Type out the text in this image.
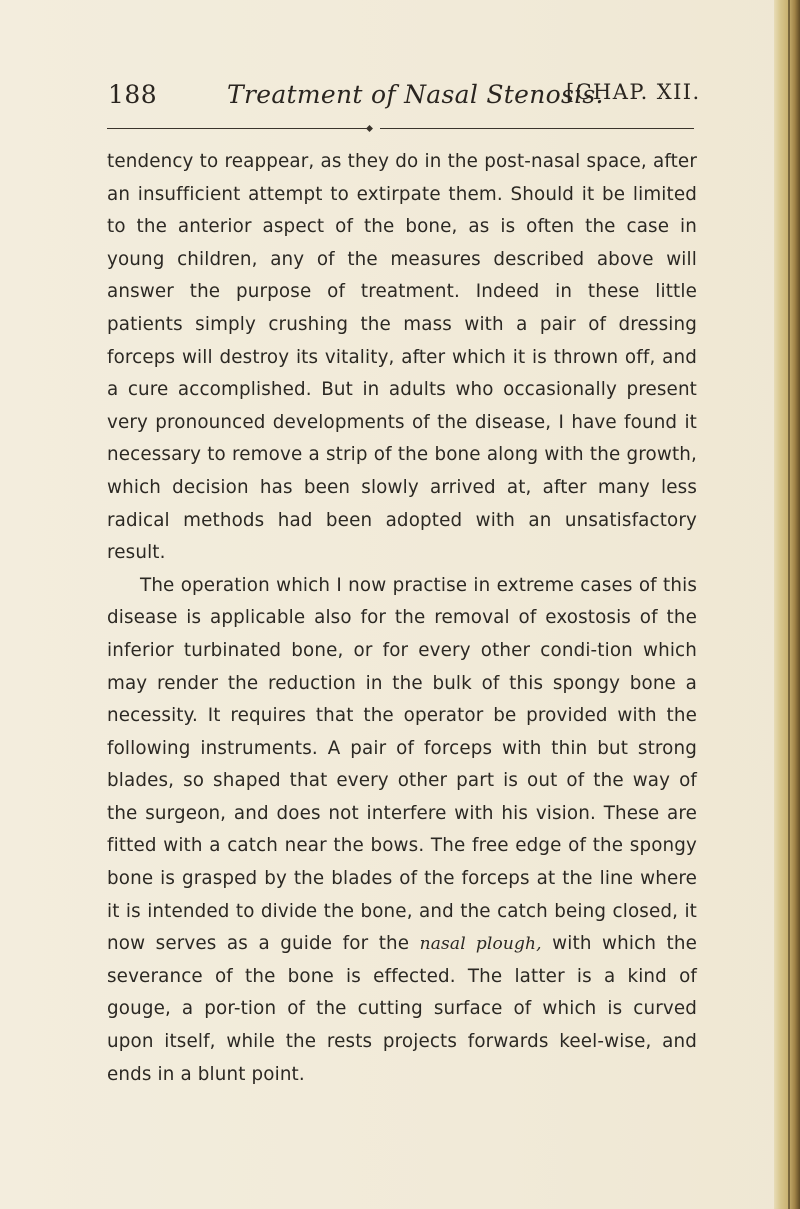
188	Treatment of Nasal Stenosis.
[CHAP. XII.

tendency to reappear, as they do in the post-nasal space, after an insufficient attempt to extirpate them. Should it be limited to the anterior aspect of the bone, as is often the case in young children, any of the measures described above will answer the purpose of treatment. Indeed in these little patients simply crushing the mass with a pair of dressing forceps will destroy its vitality, after which it is thrown off, and a cure accomplished. But in adults who occasionally present very pronounced developments of the disease, I have found it necessary to remove a strip of the bone along with the growth, which decision has been slowly arrived at, after many less radical methods had been adopted with an unsatisfactory result.

The operation which I now practise in extreme cases of this disease is applicable also for the removal of exostosis of the inferior turbinated bone, or for every other condi-tion which may render the reduction in the bulk of this spongy bone a necessity. It requires that the operator be provided with the following instruments. A pair of forceps with thin but strong blades, so shaped that every other part is out of the way of the surgeon, and does not interfere with his vision. These are fitted with a catch near the bows. The free edge of the spongy bone is grasped by the blades of the forceps at the line where it is intended to divide the bone, and the catch being closed, it now serves as a guide for the nasal plough, with which the severance of the bone is effected. The latter is a kind of gouge, a por-tion of the cutting surface of which is curved upon itself, while the rests projects forwards keel-wise, and ends in a blunt point.
